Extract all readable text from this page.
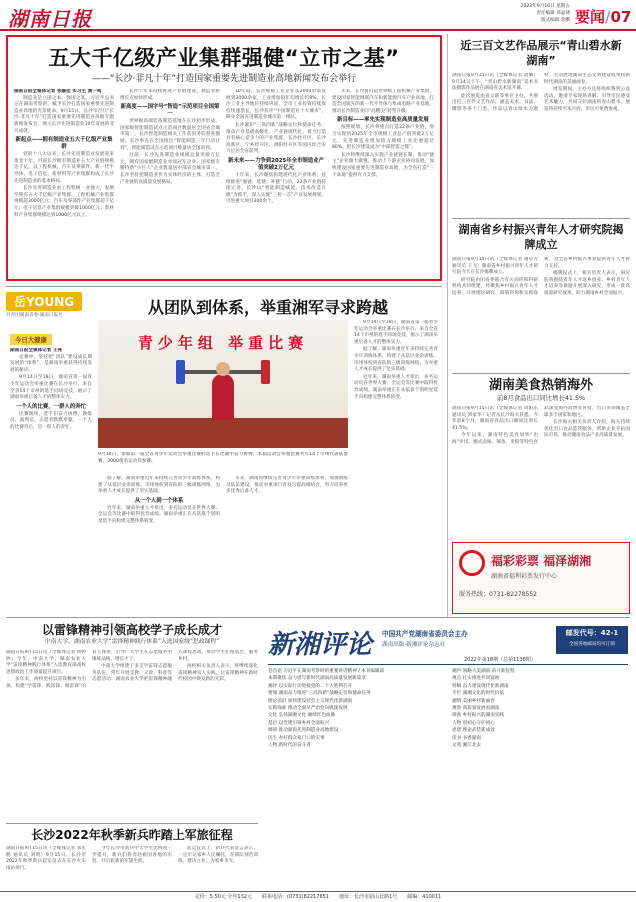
湖南日报
2022年9月16日 星期五
责任编辑 邓晶琎
版式编辑 余鹏 要闻/07
五大千亿级产业集群强健“立市之基”
——“长沙·非凡十年”打造国家重要先进制造业高地新闻发布会举行
湖南日报全媒体记者 张颐佳 实习生 黄一鸣

制造业是立国之本、强国之基。习近平总书记在湖南考察时，赋予长沙打造国家重要先进制造业高地的光荣使命。9月15日，长沙市召开“长沙·非凡十年”打造国家重要先进制造业高地专题新闻发布会，展示长沙先进制造业10年发展的非凡成就。

新起点——拥有制造业五大千亿级产业集群

党的十八大以来，长沙先进制造业发展迎来黄金十年。目前长沙拥有制造业五大产业链规模达千亿，以工程机械、汽车及零部件、新一代半导体、电子信息、新材料等产业集群构成了长沙先进制造业的基本格局。

长沙先进制造业由工程机械一业独大，发展至拥有五大千亿级产业集群。工程机械产业集群规模超3000亿元；汽车及零部件产业集群超千亿元；电子信息产业集群规模突破1000亿元；新材料产业集群规模达到1000亿元以上。

长沙十年来持续推进产业链建设，制造业新增长点加快形成。

新高度——国字号“智造”示范项目全国第一

世界级高端装备制造基地在长沙初步形成。国家级智能制造试点示范项目数量居全国省会城市第一，长沙智能制造相关工作获国务院督查激励。长沙率先在全国推出“智能制造三年行动计划”，智能制造试点示范项目数量居全国前列。

目前，长沙先进制造业规模总量突破万亿元，拥有国家级制造业单项冠军企业、国家级专精特新“小巨人”企业数量居中部省会城市第一。长沙坚持把制造业作为实体经济的主体，打造全产业链的高质量发展格局。

10年间，长沙规模工业企业从2000余家发展到3000余家，工业增加值年均增长约8%。长沙工业主导地位持续巩固，全市工业投资持续保持快速增长，长沙获评“中国制造业十大城市”，跻身全国先进制造业城市第一梯队。

长沙紧扣“三高四新”战略定位和使命任务，推动产业基础高级化、产业链现代化，着力打造具有核心竞争力的产业集群。长沙经开区、长沙高新区、宁乡经开区、浏阳经开区等园区综合实力位居全省前列。

新未来——力争到2025年全市制造业产值突破2万亿元

十年来，长沙聚焦构建现代化产业体系，持续推进“强链、延链、补链”行动，22条产业链持续完善。长沙以“智能制造赋能，技术改造升级”为抓手，深入实施“三智一芯”产业发展规划，引进重大项目300余个。

未来，长沙将打造世界级工程机械产业集群，建设国家智能网联汽车和新能源汽车产业高地，打造全国领先的新一代半导体与集成电路产业基地，推动长沙制造业向“高精尖”转型升级。

新目标——率先实现制造业高质量发展

按照规划，长沙将重点打造22条产业链，努力实现到2025年全市规模工业总产值突破2万亿元，先进制造业增加值占规模工业比重超过80%，把长沙建设成为“中部智造之都”。

长沙将继续深入实施产业链链长制，推动“链主”企业做大做强，推动上下游企业协同发展，加快建设国家重要先进制造业高地，为全省打造“三个高地”提供有力支撑。

近三百文艺作品展示“青山碧水新湖南”

湖南日报9月15日讯（全媒体记者 唐璐）9月14日下午，“青山碧水新湖南”美术书法摄影作品展在湖南省美术馆开幕。

此次展览由省文联等单位主办，共展出近三百件文艺作品，涵盖美术、书法、摄影等多个门类。作品以青山绿水为题材，生动展现湖南生态文明建设成果和新时代湖南的美丽画卷。

展览期间，主办方还将组织系列公益活动，邀请专家现场讲解，引导市民感受艺术魅力，共同守护湖南的青山碧水。展览将持续至本月底，市民可免费参观。

湖南省乡村振兴青年人才研究院揭牌成立

湖南日报9月15日讯（全媒体记者 谢卓芳 通讯员 王飞）湖南省乡村振兴青年人才研究院今天在长沙揭牌成立。

研究院由团省委联合有关高校和科研机构共同组建，将聚焦乡村振兴青年人才培养，开展理论研究、政策咨询和实践探索，为全省乡村振兴事业提供青年人才智力支持。

揭牌仪式上，相关负责人表示，研究院将围绕青年人才返乡创业、乡村青年人才培养等课题开展深入研究，形成一批高质量研究成果，助力湖南乡村全面振兴。

湖南美食热销海外
前8月食品出口同比增长41.5%

湖南日报9月15日讯（全媒体记者 周阳乐 通讯员 郭家华）记者从长沙海关获悉，今年前8个月，湖南省食品出口额同比增长41.5%。

今年以来，湖南特色美食加快“出海”步伐。湘式卤味、辣条、米粉等特色食品深受海外消费者喜爱，出口市场覆盖全球多个国家和地区。

长沙海关相关负责人介绍，海关持续优化出口食品监管服务，帮助企业开拓国际市场，推动湖南食品产业高质量发展。

福彩彩票 福泽湖湘
湖南省福利彩票发行中心
服务热线：0731-82278552
岳YOUNG
共青团湖南省委·湖南日报社
今日大健康
从团队到体系，举重湘军寻求跨越
青少年组 举重比赛
9月14日，参加第一届全省青少年运动会举重比赛的选手在比赛中奋力拼搏。本届运动会举重比赛共有14个市州代表队参赛，2000余名运动员参赛。
湖南日报全媒体记者 王亮

竞赛中，坚持把“团队”建设成长期发展的“体系”，是湖南举重获得持续发展的秘诀。

9月14日至18日，湖南省第一届青少年运动会举重比赛在长沙举行，来自全省14个市州的选手同场竞技，展示了湖南举重后备人才的整体实力。

一个人的比赛，一群人的奔忙

比赛现场，选手们奋力拼搏，教练员、裁判员、志愿者默默奉献。一个人的比赛背后，是一群人的奔忙。

据了解，湖南举重近年来持续完善青少年训练体系，构建了从基层业余训练、市州体校到省队的三级训练网络，为举重人才成长提供了坚实基础。

从一个人到一个体系

近年来，湖南举重人才辈出，多名运动员在世界大赛、全运会等比赛中取得优异成绩。湖南举重正在从依靠个别明星选手向构建完整体系转变。

未来，湖南将继续完善青少年举重训练体系，加强教练员队伍建设，推动举重项目普及与提高相结合，努力培养更多优秀后备人才。

9月14日至18日，湖南省第一届青少年运动会举重比赛在长沙举行，来自全省14个市州的选手同场竞技，展示了湖南举重后备人才的整体实力。

据了解，湖南举重近年来持续完善青少年训练体系，构建了从基层业余训练、市州体校到省队的三级训练网络，为举重人才成长提供了坚实基础。

近年来，湖南举重人才辈出，多名运动员在世界大赛、全运会等比赛中取得优异成绩。湖南举重正在从依靠个别明星选手向构建完整体系转变。

以雷锋精神引领高校学子成长成才
中南大学、湖南农业大学“雷锋精神践行体系”入选国家级“思政课程”

湖南日报9月15日讯（全媒体记者 黄婷婷）今年，中南大学、湖南农业大学“雷锋精神践行体系”入选教育部高校思想政治工作质量提升项目。

多年来，两校坚持以雷锋精神为引领，构建“学雷锋、践雷锋、做雷锋”的育人体系，引导广大学生在志愿服务中锤炼品格、增长才干。

中南大学组建了多支学雷锋志愿服务队伍，常年开展支教、义诊、科普等志愿活动；湖南农业大学把雷锋精神融入课程思政，推动学生扎根基层、服务乡村。

两校相关负责人表示，将继续深化雷锋精神育人实践，让雷锋精神在新时代校园中焕发新的光彩。

长沙2022年秋季新兵昨踏上军旅征程

湖南日报9月15日讯（全媒体记者 邹永鹤 通讯员 刘明）9月15日，长沙市2022年秋季新兵起运仪式在长沙火车南站举行。

今年长沙市新兵中大学生比例进一步提升，新兵们将奔赴祖国各地的军营，开启崭新的军旅生涯。

起运仪式上，新兵代表发言表示，一定牢记家乡人民嘱托，在部队刻苦训练、建功立业，为家乡争光。

新湘评论 中国共产党湖南省委员会主办
湖南出版·新湘评论杂志社
邮发代号：42-1
全国各地邮局均可订阅
2022年第18期（总第1138期）
卷首语 习近平在湖南考察时的重要讲话精神 / 本刊编辑部
本期聚焦 奋力谱写新时代湖南高质量发展新篇章
湘评 以实际行动迎接党的二十大胜利召开
要闻 湖南奋力推进“三高四新”战略定位和使命任务
理论前沿 加快建设社会主义现代化新湖南
实践探索 推动全面从严治党向纵深发展
文化 弘扬湖湘文化 赓续红色血脉
基层 以党建引领乡村全面振兴
调研 推动湖南先进制造业高地建设
民生 办好群众家门口的实事
人物 新时代的奋斗者
湘声 领略大美湖南 奋斗新征程
视点 扎实推进共同富裕
特稿 奋力建设现代化新湖南
专栏 湖湘文化的时代价值
湘情 美丽乡村新画卷
观察 高质量发展看湖南
调查 乡村振兴的湖南实践
人物 用初心守护初心
思想 理论武装新成效
读书 书香湖南
文苑 湘江北去
定价：5.50元 全年132元　　联系电话：(0731)82217651　　地址：长沙市韶山北路1号　　邮编：410011
